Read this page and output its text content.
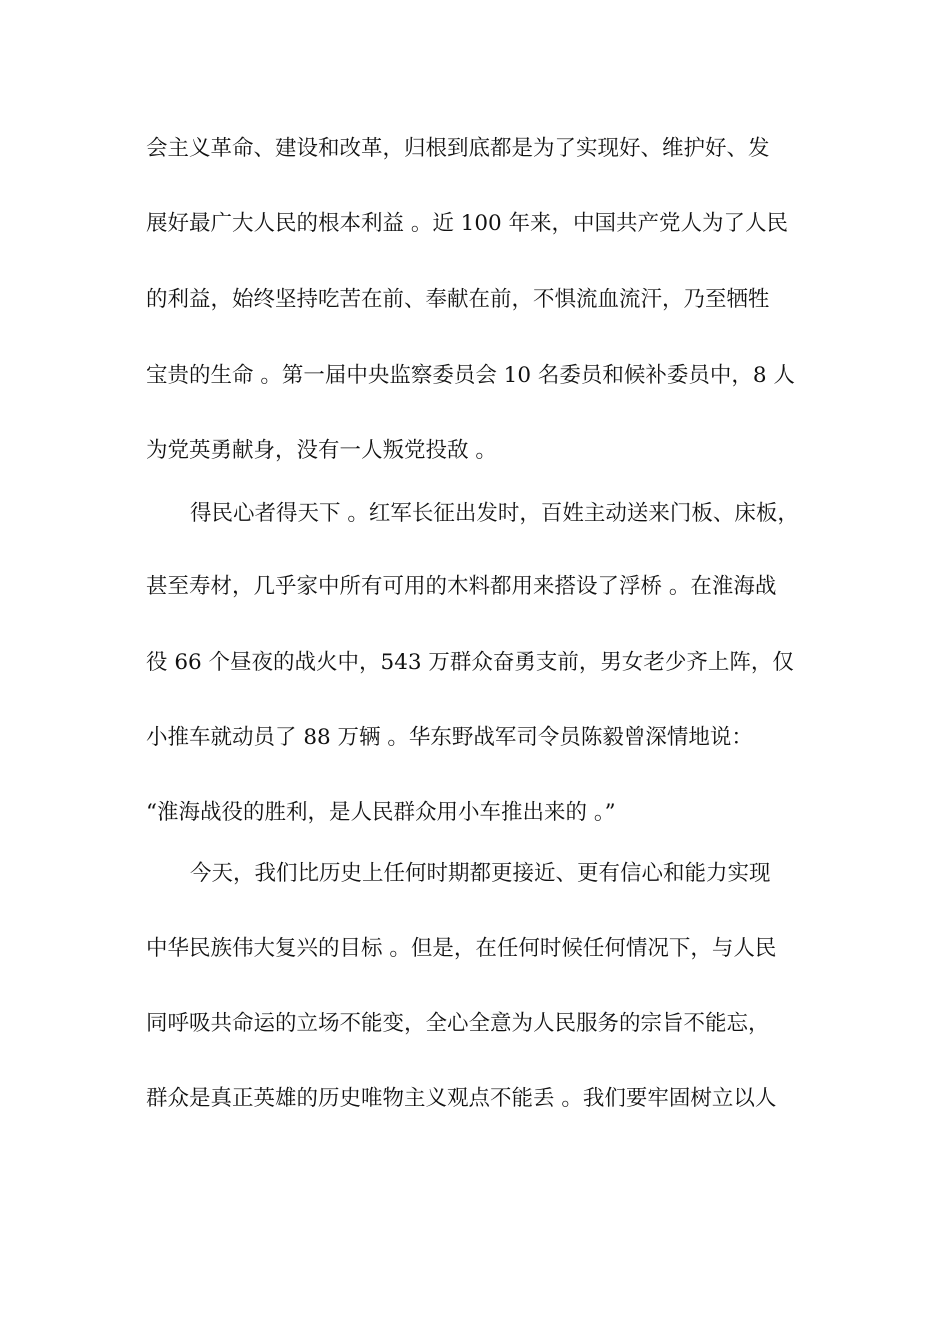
会主义革命、建设和改革，归根到底都是为了实现好、维护好、发
展好最广大人民的根本利益 。近 100 年来，中国共产党人为了人民
的利益，始终坚持吃苦在前、奉献在前，不惧流血流汗，乃至牺牲
宝贵的生命 。第一届中央监察委员会 10 名委员和候补委员中，8 人
为党英勇献身，没有一人叛党投敌 。
得民心者得天下 。红军长征出发时，百姓主动送来门板、床板，
甚至寿材，几乎家中所有可用的木料都用来搭设了浮桥 。在淮海战
役 66 个昼夜的战火中，543 万群众奋勇支前，男女老少齐上阵，仅
小推车就动员了 88 万辆 。华东野战军司令员陈毅曾深情地说：
“淮海战役的胜利，是人民群众用小车推出来的 。”
今天，我们比历史上任何时期都更接近、更有信心和能力实现
中华民族伟大复兴的目标 。但是，在任何时候任何情况下，与人民
同呼吸共命运的立场不能变，全心全意为人民服务的宗旨不能忘，
群众是真正英雄的历史唯物主义观点不能丢 。我们要牢固树立以人
